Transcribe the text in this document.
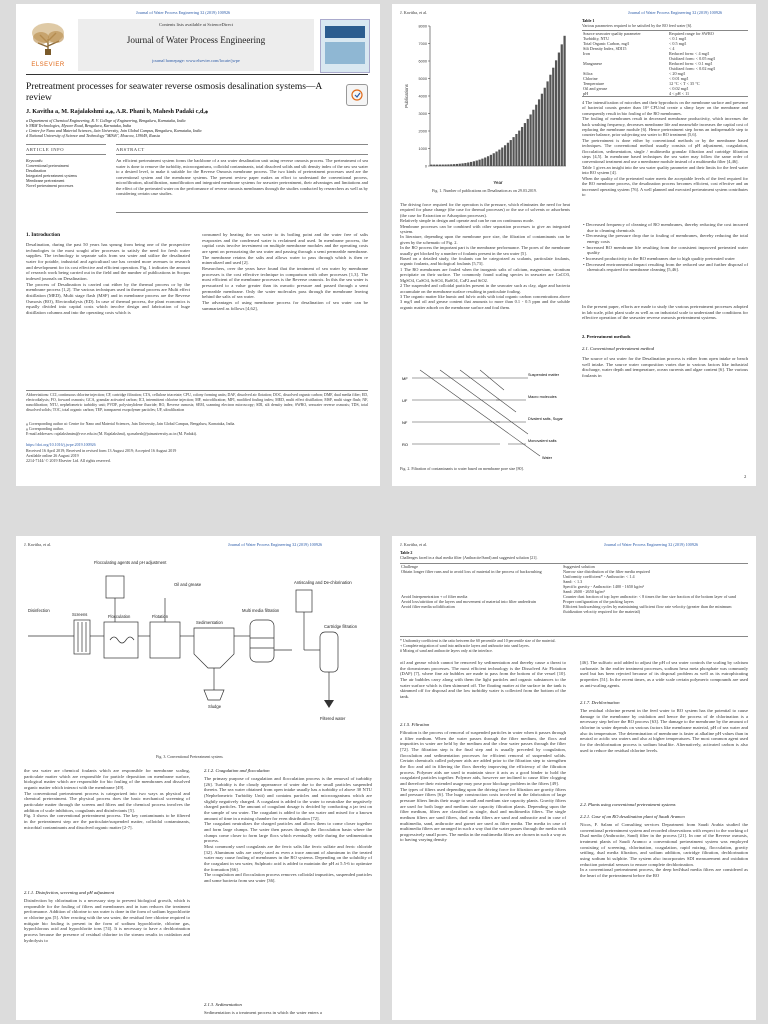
Journal of Water Process Engineering 32 (2019) 100926
ELSEVIER
Contents lists available at ScienceDirect
Journal of Water Process Engineering
journal homepage: www.elsevier.com/locate/jwpe
Pretreatment processes for seawater reverse osmosis desalination systems—A review
J. Kavitha a, M. Rajalakshmi a,⁎, A.R. Phani b, Mahesh Padaki c,d,⁎
a Department of Chemical Engineering, R. V. College of Engineering, Bengaluru, Karnataka, India
b NRM Technologies, Mysore Road, Bengaluru, Karnataka, India
c Centre for Nano and Material Sciences, Jain University, Jain Global Campus, Bengaluru, Karnataka, India
d National University of Science and Technology "MISiS", Moscow, 119049, Russia
ARTICLE INFO
Keywords:
Conventional pretreatment
Desalination
Integrated pretreatment systems
Membrane pretreatment
Novel pretreatment processes
ABSTRACT
An efficient pretreatment system forms the backbone of a sea water desalination unit using reverse osmosis process. The pretreatment of sea water is done to remove the turbidity, microorganisms, colloidal contaminants, total dissolved solids and silt density index of the raw sea water to a desired level, to make it suitable for the Reverse Osmosis membrane process. The two kinds of pretreatment processes used are the conventional system and the membrane systems. The present review paper makes an effort to understand the conventional process, microfiltration, ultrafiltration, nanofiltration and integrated membrane systems for seawater pretreatment, their advantages and limitations and the effect of the pretreated water on the performance of reverse osmosis membranes through the studies conducted by researchers as well as by considering certain case studies.
1. Introduction
Desalination, during the past 50 years has sprung from being one of the prospective technologies to the most sought after processes to satisfy the need for fresh water supplies. The technology to separate salts from sea water and utilize the desalinated water for potable, industrial and agricultural use has created more avenues to research and development for its cost effective and efficient operation. Fig. 1 indicates the amount of research work being carried out in the field and the number of publications in Scopus indexed journals on Desalination.
The process of Desalination is carried out either by the thermal process or by the membrane process [1,2]. The various techniques used in thermal process are Multi effect distillation (MED), Multi stage flash (MSF) and in membrane process are the Reverse Osmosis (RO), Electrodialysis (ED). In case of thermal process, the plant economics is equally divided into capital costs which involve design and fabrication of huge distillation columns and into the operating costs which is
consumed by heating the sea water to its boiling point and the water free of salts evaporates and the condensed water is reclaimed and used. In membrane process, the capital costs involve investment on multiple membrane modules and the operating costs are spent on pressurizing the sea water and passing through a semi permeable membrane. The membrane retains the salts and allows water to pass through which is then re mineralized and used [2].
Researchers, over the years have found that the treatment of sea water by membrane processes is the cost effective technique in comparison with other processes [1,3]. The most efficient of the membrane processes is the Reverse osmosis. In this the sea water is pressurized to a value greater than its osmotic pressure and passed through a semi permeable membrane. Only the water molecules pass through the membrane leaving behind the salts of sea water.
The advantages of using membrane process for desalination of sea water can be summarized as follows [4,62],
Abbreviations: CCI, continuous chlorine injection; CF, cartridge filtration; CTA, cellulose triacetate; CFU, colony forming units; DAF, dissolved air flotation; DOC, dissolved organic carbon; DMF, dual media filter; ED, electrodialysis; FO, forward osmosis; GCA, granular activated carbon; ICI, intermittent chlorine injection; MF, microfiltration; MFI, modified fouling index; MED, multi effect distillation; MSF, multi stage flash; NF, nanofiltration; NTU, nephelometric turbidity unit; PVDF, polyvinylidene fluoride; RO, Reverse osmosis; SEM, scanning electron microscopy; SDI, silt density index; SWRO, seawater reverse osmosis; TDS, total dissolved solids; TOC, total organic carbon; TEP, transparent exopolymer particles; UF, ultrafiltration
⁎ Corresponding author at: Centre for Nano and Material Sciences, Jain University, Jain Global Campus, Bengaluru, Karnataka, India.
⁎ Corresponding author.
E-mail addresses: rajalakshmim@rvce.edu.in (M. Rajalakshmi), sp.mahesh@jainuniversity.ac.in (M. Padaki).
https://doi.org/10.1016/j.jwpe.2019.100926
Received 16 April 2019; Received in revised form 13 August 2019; Accepted 16 August 2019
Available online 26 August 2019
2214-7144/ © 2019 Elsevier Ltd. All rights reserved.
J. Kavitha, et al.	Journal of Water Process Engineering 32 (2019) 100926
0
1000
2000
3000
4000
5000
6000
7000
8000
Publications
Year
Fig. 1. Number of publications on Desalination as on 29.03.2019.
The driving force required for the operation is the pressure, which eliminates the need for heat required for phase change (the case for thermal processes) or the use of solvents or adsorbents (the case for Extraction or Adsorption processes).
Relatively simple in design and operate and can be run on continuous mode.
Membrane processes can be combined with other separation processes to give an integrated system.
In literature, depending upon the membrane pore size, the filtration of contaminants can be given by the schematic of Fig. 2.
In the RO process the important part is the membrane performance. The pores of the membrane usually get blocked by a number of foulants present in the sea water [5].
Based on a detailed study, the foulants can be categorized as scalants, particulate foulants, organic foulants, and biological foulants [5,73].
1 The RO membranes are fouled when the inorganic salts of calcium, magnesium, strontium precipitate on their surface. The commonly found scaling species in seawater are CaCO3, MgSO4, CaSO4, SrSO4, BaSO4, CaF2 and SiO2.
2 The suspended and colloidal particles present in the seawater such as clay, algae and bacteria accumulate on the membrane surface resulting in particulate fouling.
3 The organic matter like humic and fulvic acids with total organic carbon concentrations above 3 mg/l and oil and grease content that amounts to more than 0.1 - 0.5 ppm and the soluble organic matter adsorb on the membrane surface and foul them.
MF
UF
NF
RO
Suspended matter
Macro molecules
Divalent salts, Sugar
Monovalent salts
Water
Fig. 2. Filtration of contaminants to water based on membrane pore size [80].
Table 1
Various parameters required to be satisfied by the RO feed water [6].
Source seawater quality parameter	Required range for SWRO
Turbidity, NTU	< 0.1 mg/l
Total Organic Carbon, mg/l	< 0.5 mg/l
Silt Density Index, SDI15	< 4
Iron	Reduced form: < 4 mg/l
	Oxidized form: < 0.05 mg/l
Manganese	Reduced form: < 0.1 mg/l
	Oxidized form: < 0.02 mg/l
Silica	< 20 mg/l
Chlorine	< 0.01 mg/l
Temperature	12 °C < T < 35 °C
Oil and grease	< 0.02 mg/l
pH	4 < pH < 11
4 The intensification of microbes and their byproducts on the membrane surface and presence of bacterial counts greater than 10³ CFU/ml create a slimy layer on the membrane and consequently result in bio fouling of the RO membranes.
The fouling of membranes result in decreased membrane productivity, which increases the back washing frequency, decreases membrane life and meanwhile increases the capital cost of replacing the membrane module [6]. Hence pretreatment step forms an indispensable step to counter balance, prior subjecting sea water to RO treatment [5,6].
The pretreatment is done either by conventional methods or by the membrane based techniques. The conventional method usually consists of pH adjustment, coagulation, flocculation, sedimentation, single / multimedia granular filtration and cartridge filtration steps [4,5]. In membrane based techniques the sea water may follow the same order of conventional treatment and use a membrane module instead of a multimedia filter [4,46].
Table 1 gives an insight into the sea water quality parameter and their limits for the feed water into RO system [4].
When the quality of the pretreated water meets the acceptable levels of the feed required for the RO membrane process, the desalination process becomes efficient, cost effective and an increased operating system [76]. A well planned and executed pretreatment system contributes to
• Decreased frequency of cleaning of RO membranes, thereby reducing the cost incurred due to cleaning chemicals
• Decreasing the pressure drop due to fouling of membranes, thereby reducing the total energy costs
• Increased RO membrane life resulting from the consistent improved pretreated water quality
• Increased productivity in the RO membranes due to high quality pretreated water
• Decreased environmental impact resulting from the reduced use and further disposal of chemicals required for membrane cleaning [5,46].
In the present paper, efforts are made to study the various pretreatment processes adopted in lab scale, pilot plant scale as well as on industrial scale to understand the conditions for effective operation of the seawater reverse osmosis pretreatment systems.
2. Pretreatment methods
2.1. Conventional pretreatment method
The source of sea water for the Desalination process is either from open intake or beach well intake. The source water composition varies due to various factors like industrial discharge, water depth and temperature, ocean currents and algae content [6]. The various foulants in
2
J. Kavitha, et al.	Journal of Water Process Engineering 32 (2019) 100926
Flocculating agents and pH adjustment
Disinfection
Screens	Flocculation	Flotation
Oil and grease
Sedimentation
Sludge
Multi media filtration
Antiscaling and De-chlorination
Cartridge filtration
Filtered water
Fig. 3. Conventional Pretreatment system.
the sea water are chemical foulants which are responsible for membrane scaling, particulate matter which are responsible for particle deposition on membrane surface, biological matter which are responsible for bio fouling of the membranes and dissolved organic matter which interact with the membrane [49].
The conventional pretreatment process is categorized into two ways as physical and chemical pretreatment. The physical process does the basic mechanical screening of particulate matter through the screens and filters and the chemical process involves the addition of scale inhibitors, coagulants and disinfectants [5].
Fig. 3 shows the conventional pretreatment process. The key contaminants to be filtered in the pretreatment step are the particulate/suspended matter, colloidal contaminants, microbial contaminants and dissolved organic matter [2-7].
2.1.1. Disinfection, screening and pH adjustment
Disinfection by chlorination is a necessary step to prevent biological growth, which is responsible for the fouling of filters and membranes and in turn reduces the treatment performance. Addition of chlorine to sea water is done in the form of sodium hypochlorite or chlorine gas [5]. After reacting with the sea water, the residual free chlorine required to mitigate bio fouling is present in the form of sodium hypochlorite, chlorine gas, hypochlorous acid and hypochlorite ions [74]. It is necessary to have a dechlorination process because the presence of residual chlorine in the stream results in oxidation and hydrolysis to
2.1.2. Coagulation and flocculation
The primary purpose of coagulation and flocculation process is the removal of turbidity [26]. Turbidity is the cloudy appearance of water due to the small particles suspended therein. The sea water obtained from open intake usually has a turbidity of above 30 NTU (Nephelometric Turbidity Unit) and contains particles and microorganisms which are slightly negatively charged. A coagulant is added to the water to neutralize the negatively charged particles. The amount of coagulant dosage is decided by conducting a jar test on the sample of sea water. The coagulant is added to the sea water and mixed for a known amount of time in a mixing chamber for even distribution [72].
The coagulant neutralizes the charged particles and allows them to come closer together and form large clumps. The water then passes through the flocculation basin where the clumps come closer to form large flocs which eventually settle during the sedimentation process.
Most commonly used coagulants are the ferric salts like ferric sulfate and ferric chloride [32]. Aluminum salts are rarely used as even a trace amount of aluminum in the treated water may cause fouling of membranes in the RO systems. Depending on the solubility of the coagulant in sea water, Sulphuric acid is added to maintain the pH at 5.5-6 to optimize the formation [66].
The coagulation and flocculation process removes colloidal impurities, suspended particles and some bacteria from sea water [36].
2.1.3. Sedimentation
Sedimentation is a treatment process in which the water enters a
J. Kavitha, et al.	Journal of Water Process Engineering 32 (2019) 100926
Table 2
Challenges faced in a dual media filter (Anthracite/Sand) and suggested solution [21].
Challenge	Suggested solution
Obtain longer filter runs and to avoid loss of material in the process of backwashing	Narrow size distribution of the filter media required
Uniformity coefficient* - Anthracite: < 1.4
Sand: < 1.3
Specific gravity - Anthracite: 1400 - 1650 kg/m³
Sand: 2600 - 2650 kg/m³
Avoid Interpenetration + of filter media	Counter dust fraction of top layer anthracite: < 8 times the fine size fraction of the bottom layer of sand
Avoid loss/attrition of the layers and movement of material into filter underdrain	Proper configuration of the packing layers
Avoid filter media solidification	Efficient backwashing cycles by maintaining sufficient flow rate velocity (greater than the minimum fluidization velocity required for the material)
* Uniformity coefficient is the ratio between the 60 percentile and 10 percentile size of the material.
+ Complete migration of sand into anthracite layers and anthracite into sand layers.
# Mixing of sand and anthracite layers only at the interface.
oil and grease which cannot be removed by sedimentation and thereby cause a threat to the downstream processes. The most efficient technology is the Dissolved Air Flotation (DAF) [7], where fine air bubbles are made to pass from the bottom of the vessel [10]. The air bubbles carry along with them the light particles and organic substances to the water surface which is then skimmed off. The floating matter at the surface in the tank is skimmed off for disposal and the low turbidity water is collected from the bottom of the tank.
2.1.5. Filtration
Filtration is the process of removal of suspended particles in water when it passes through a filter medium. When the water passes through the filter medium, the flocs and impurities in water are held by the medium and the clear water passes through the filter [72]. The filtration step is the final step and is usually preceded by coagulation, flocculation and sedimentation processes for efficient removal of suspended solids. Certain chemicals called polymer aids are added prior to the filtration step to strengthen the floc and aid in filtering the flocs thereby improving the efficiency of the filtration process. Polymer aids are used to maintain since it acts as a good binder to hold the coagulated particles together. Polymer aids, however are inclined to cause filter clogging and therefore their extended usage may pose poor blockage problem in the filters [49].
The types of filters used depending upon the driving force for filtration are gravity filters and pressure filters [6]. The huge construction costs involved in the fabrication of large pressure filters limits their usage to small and medium size capacity plants. Gravity filters are used for both large and medium size capacity filtration plants. Depending upon the filter medium, filters are classified as single, dual and multimedia filters. The single medium filters are sand filters, dual media filters are sand and anthracite and in case of multimedia, sand, anthracite and garnet are used as filter media. The media in case of multimedia filters are arranged in such a way that the water passes through the media with progressively small pores. The media in the multimedia filters are chosen in such a way as to having varying density
[46]. The sulfuric acid added to adjust the pH of sea water controls the scaling by calcium carbonate. In the earlier treatment processes, sodium hexa meta phosphate was commonly used but has been rejected because of its disposal problem as well as its eutrophicating properties [51]. In the recent times, as a wide scale certain polymeric compounds are used as anti-scaling agents.
2.1.7. Dechlorination
The residual chlorine present in the feed water to RO system has the potential to cause damage to the membrane by oxidation and hence the process of de chlorination is a necessary step before the RO process [63]. The damage to the membrane by the amount of chlorine in water depends on various factors like membrane material, pH of sea water and also its temperature. The determination of membrane is faster at alkaline pH values than in neutral or acidic sea waters and also at higher temperatures. The most common agent used for the dechlorination process is sodium bisulfite. Alternatively, activated carbon is also used to reduce the residual chlorine levels.
2.2. Plants using conventional pretreatment systems
2.2.1. Case of an RO desalination plant of Saudi Aramco
Nicos, F. Salam of Consulting services Department from Saudi Arabia studied the conventional pretreatment system and recorded observations with respect to the working of Dual media (Anthracite, Sand) filter in the process [21]. In one of the Reverse osmosis, treatment plants of Saudi Aramco a conventional pretreatment system was employed consisting of screening, chlorination, coagulation, rapid mixing, flocculation, gravity settling, dual media filtration, and sodium addition, cartridge filtration, dechlorination using sodium bi sulphite. The system also incorporates SDI measurement and oxidation reduction potential sensors to ensure complete dechlorination.
In a conventional pretreatment process, the deep bed/dual media filters are considered as the heart of the pretreatment before the RO
